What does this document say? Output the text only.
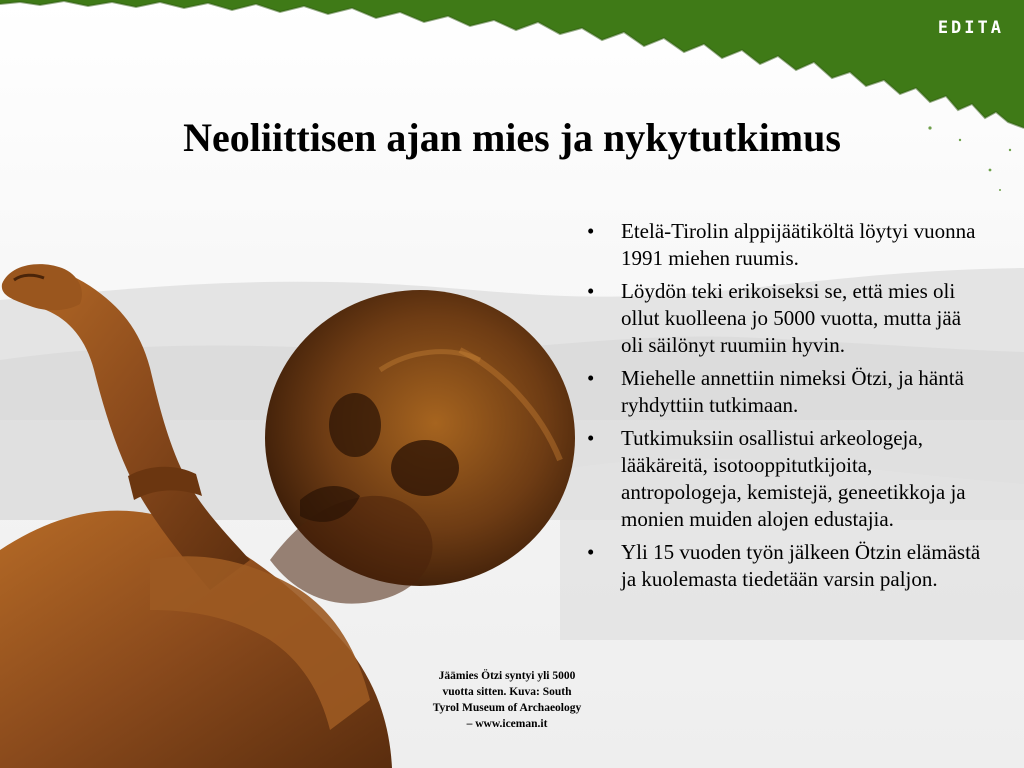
EDITA
Neoliittisen ajan mies ja nykytutkimus
• Etelä-Tirolin alppijäätiköltä löytyi vuonna 1991 miehen ruumis.
• Löydön teki erikoiseksi se, että mies oli ollut kuolleena jo 5000 vuotta, mutta jää oli säilönyt ruumiin hyvin.
• Miehelle annettiin nimeksi Ötzi, ja häntä ryhdyttiin tutkimaan.
• Tutkimuksiin osallistui arkeologeja, lääkäreitä, isotooppitutkijoita, antropologeja, kemistejä, geneetikkoja ja monien muiden alojen edustajia.
• Yli 15 vuoden työn jälkeen Ötzin elämästä ja kuolemasta tiedetään varsin paljon.
Jäämies Ötzi syntyi yli 5000 vuotta sitten. Kuva: South Tyrol Museum of Archaeology – www.iceman.it
